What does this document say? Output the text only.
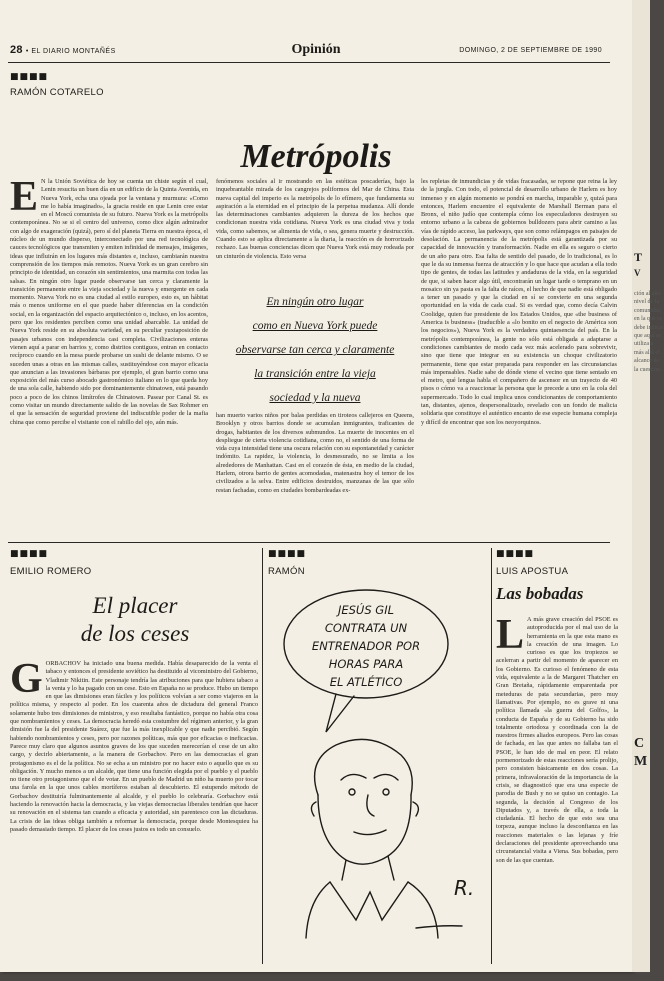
28 • EL DIARIO MONTAÑÉS	Opinión	DOMINGO, 2 DE SEPTIEMBRE DE 1990
■■■■
RAMÓN COTARELO
Metrópolis
E N la Unión Soviética de hoy se cuenta un chiste según el cual, Lenin resucita un buen día en un edificio de la Quinta Avenida, en Nueva York, echa una ojeada por la ventana y murmura: «Como me lo había imaginado», la gracia reside en que Lenin cree estar en el Moscú comunista de su futuro. Nueva York es la metrópolis contemporánea. No se si el centro del universo, como dice algún admirador con algo de exageración (quizá), pero sí del planeta Tierra en nuestra época, el núcleo de un mundo disperso, interconectado por una red tecnológica de cauces tecnológicos que transmiten y emiten infinidad de mensajes, imágenes, ideas que influirán en los lugares más distantes e, incluso, cambiarán nuestra comprensión de los tiempos más remotos. Nueva York es un gran cerebro sin principio de identidad, un corazón sin sentimientos, una marmita con todas las salsas. En ningún otro lugar puede observarse tan cerca y claramente la transición permanente entre la vieja sociedad y la nueva y emergente en cada momento. Nueva York no es una ciudad al estilo europeo, esto es, un hábitat más o menos uniforme en el que puede haber diferencias en la condición social, en la organización del espacio arquitectónico o, incluso, en los acentos, pero que los residentes perciben como una unidad abarcable. La unidad de Nueva York reside en su absoluta variedad, en su peculiar yuxtaposición de pasajes urbanos con independencia casi completa. Civilizaciones enteras vienen aquí a parar en barrios y, como distritos contiguos, entran en contacto recíproco cuando en la mesa puede probarse un sushi de delante mismo. O se suceden unas a otras en las mismas calles, sustituyéndose con mayor eficacia que anuncian a las invasiones bárbaras por ejemplo, el gran barrio como una exposición del más curso abocado gastronómico italiano en lo que queda hoy de una sola calle, habiendo sido por dominantemente chinatown, está pasando poco a poco de los chinos limítrofes de Chinatown. Pasear por Canal St. es como visitar un mundo directamente salido de las novelas de Sax Rohmer en el que la sensación de seguridad proviene del indiscutible poder de la mafia china que como percibe el visitante con el rabillo del ojo, aún más.
fenómenos sociales al ir mostrando en las estéticas poscaderías, bajo la inquebrantable mirada de los cangrejos poliformos del Mar de China. Esta nueva capital del imperio es la metrópolis de lo efímero, que fundamenta su aspiración a la eternidad en el principio de la perpetua mudanza. Allí donde las determinaciones cambiantes adquieren la dureza de los hechos que condicionan nuestra vida cotidiana. Nueva York es una ciudad viva y toda vida, como sabemos, se alimenta de vida, o sea, genera muerte y destrucción. Cuando esto se aplica directamente a la diaria, la reacción es de horrorizado rechazo. Las buenas conciencias dicen que Nueva York está muy rodeada por un cinturón de violencia. Esto versa
En ningún otro lugar
como en Nueva York puede
observarse tan cerca y claramente
la transición entre la vieja
sociedad y la nueva
han muerto varios niños por balas perdidas en tiroteos callejeros en Queens, Brooklyn y otros barrios donde se acumulan inmigrantes, traficantes de drogas, habitantes de los diversos submundos. La muerte de inocentes en el despliegue de cierta violencia cotidiana, como no, el sentido de una forma de vida cuya intensidad tiene una oscura relación con su espontaneidad y carácter indómito. La rapidez, la violencia, lo desmesurado, no se limita a los alrededores de Manhattan. Casi en el corazón de ésta, en medio de la ciudad, Harlem, otrora barrio de gentes acomodadas, matenastra hoy el temor de los civilizados a la selva. Entre edificios destruidos, manzanas de las que sólo restan fachadas, como en ciudades bombardeadas ex-
les repletas de inmundicias y de vidas fracasadas, se repone que reina la ley de la jungla. Con todo, el potencial de desarrollo urbano de Harlem es hoy inmenso y en algún momento se pondrá en marcha, imparable y, quizá para entonces, Harlem encuentre el equivalente de Marshall Berman para el Bronx, el niño judío que contempla cómo los especuladores destruyen su entorno urbano a la cabeza de gobiernos bulldozers para abrir camino a las vías de rápido acceso, las parkways, que son como relámpagos en paisajes de desolación. La permanencia de la metrópolis está garantizada por su capacidad de innovación y transformación. Nadie en ella es seguro o cierto de un año para otro. Esa falta de sentido del pasado, de lo tradicional, es lo que le da su inmensa fuerza de atracción y lo que hace que acudan a ella todo tipo de gentes, de todas las latitudes y andaduras de la vida, en la seguridad de que, si saben hacer algo útil, encontrarán un lugar tarde o temprano en un mosaico sin ya pasta es la falta de raíces, el hecho de que nadie está obligado a tener un pasado y que la ciudad en sí se convierte en una segunda oportunidad en la vida de cada cual. Si es verdad que, como decía Calvin Coolidge, quien fue presidente de los Estados Unidos, que «the business of America is business» (traducible a «lo bonito en el negocio de América son los negocios»), Nueva York es la verdadera quintaesencia del país. En la metrópolis contemporánea, la gente no sólo está obligada a adaptarse a condiciones cambiantes de modo cada vez más acelerado para sobrevivir, sino que tiene que integrar en su existencia un choque civilizatorio permanente, tiene que estar preparada para responder en las circunstancias más impensables. Nadie sabe de dónde viene el vecino que tiene sentado en el metro, qué lengua habla el compañero de ascensor en un trayecto de 40 pisos o cómo va a reaccionar la persona que le precede a uno en la cola del supermercado. Todo lo cual implica unos condicionantes de comportamiento tan, distantes, ajenos, despersonalizado, revelado con un fondo de malicia solidaria que constituye el auténtico encanto de ese especie humana compleja y difícil de encontrar que son los neoyorquinos.
■■■■
EMILIO ROMERO
El placer
de los ceses
GORBACHOV ha iniciado una buena medida. Había desaparecido de la venta el tabaco y entonces el presidente soviético ha destituido al vicoministro del Gobierno, Vladimir Nikitin. Este personaje tendría las atribuciones para que hubiera tabaco a la venta y lo ha pagado con un cese. Esto en España no se produce. Hubo un tiempo en que las dimisiones eran fáciles y los políticos volvían a ser como viajeros en la política misma, y respecto al poder. En los cuarenta años de dictadura del general Franco solamente hubo tres dimisiones de ministros, y eso resultaba fantástico, porque no había otra cosa que nombramientos y ceses. La democracia heredó esta costumbre del régimen anterior, y la gran dimisión fue la del presidente Suárez, que fue la más inexplicable y que nadie percibió. Según habiendo nombramientos y ceses, pero por razones políticas, más que por eficacias o ineficacias. Parece muy claro que algunos asuntos graves de los que suceden merecerían el cese de un alto cargo, y decirlo abiertamente, a la manera de Gorbachov. Pero en las democracias el gran protagonismo es el de la política. No se echa a un ministro por no hacer esto o aquello que es su obligación. Y mucho menos a un alcalde, que tiene una función elegida por el pueblo y el pueblo no tiene otro protagonismo que el de votar. En un pueblo de Madrid un niño ha muerto por tocar una farola en la que unos cables mortíferos estaban al descubierto. El estupendo método de Gorbachov destituiría fulminantemente al alcalde, y el pueblo lo celebraría. Gorbachov está haciendo la renovación hacia la democracia, y las viejas democracias liberales tendrían que hacer su renovación en el sistema tan cuando a eficacia y autoridad, sin parentesco con las dictaduras. La crisis de las ideas obliga también a reformar la democracia, porque desde Montesquieu ha pasado demasiado tiempo. El placer de los ceses justos es todo un consuelo.
■■■■
RAMÓN
JESÚS GIL
CONTRATA UN
ENTRENADOR POR
HORAS PARA
EL ATLÉTICO
R.
■■■■
LUIS APOSTUA
Las bobadas
L A más grave creación del PSOE es autoproducida por el mal uso de la herramienta en la que esta mano es la creación de una imagen. Lo curioso es que los tropiezos se acelerran a partir del momento de aparecer en los Gobierno. Es curioso el fenómeno de esta vida, equivalente a la de Margaret Thatcher en Gran Bretaña, rápidamente emparentada por meteduras de pata secundarias, pero muy llamativas. Por ejemplo, no es grave ni una política llamada «la guerra del Golfo», la conducta de España y de su Gobierno ha sido totalmente ortodoxa y coordinada con la de nuestros firmes aliados europeos. Pero las cosas de fachada, en las que antes no fallaba tan el PSOE, le han ido de mal en peor. El relato pormenorizado de estas reacciones sería prolijo, pero consisten básicamente en dos cosas. La primera, infravaloración de la importancia de la crisis, se diagnosticó que era una especie de parodia de Bush y no se quiso un contagio. La segunda, la decisión al Congreso de los Diputados y, a través de ella, a toda la ciudadanía. El hecho de que esto sea una torpeza, aunque incluso la desconfianza en las reacciones materiales o las lejanas y fríe declaraciones del presidente aprovechando una circunstancial visita a Viena. Sus bobadas, pero son de las que cuentan.
T
V
ción al alto nivel de la comunidad, en la que se debe indicar que aquí se utiliza a más allá el alcance de la cuestión
C
M
